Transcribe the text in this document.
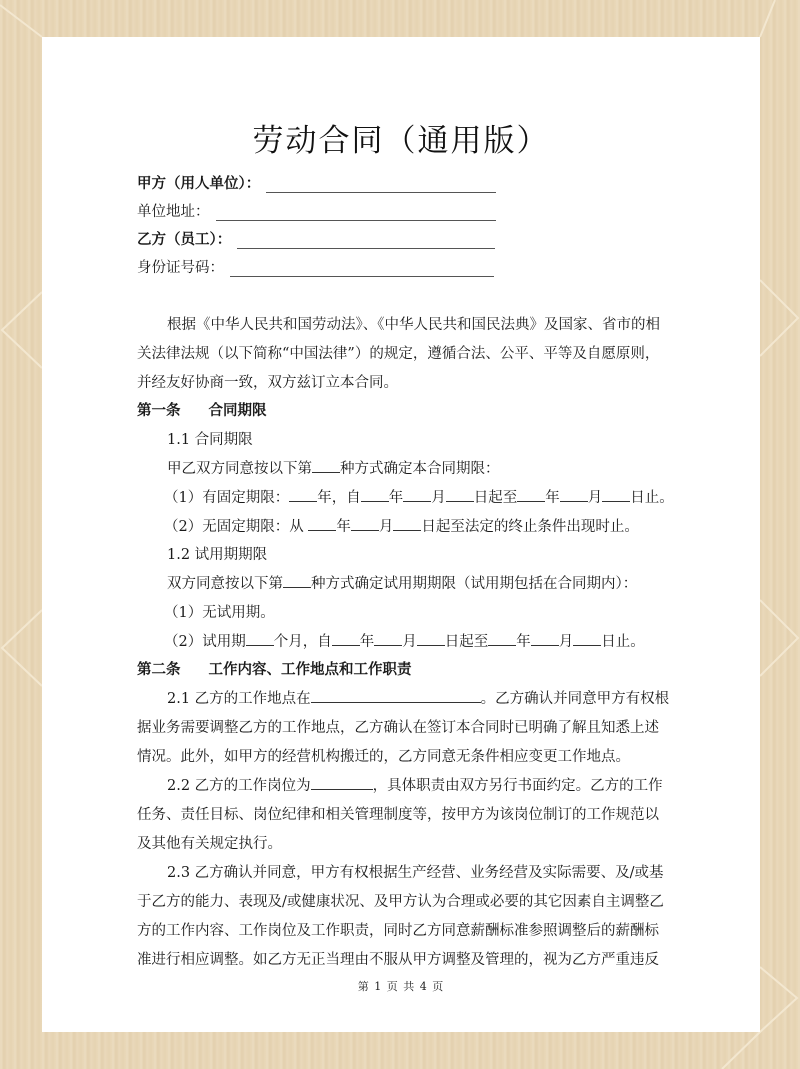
劳动合同（通用版）
甲方（用人单位）：
单位地址：
乙方（员工）：
身份证号码：
根据《中华人民共和国劳动法》、《中华人民共和国民法典》及国家、省市的相
关法律法规（以下简称“中国法律”）的规定，遵循合法、公平、平等及自愿原则，
并经友好协商一致，双方兹订立本合同。
第一条 合同期限
1.1 合同期限
甲乙双方同意按以下第 种方式确定本合同期限：
（1）有固定期限： 年，自 年 月 日起至 年 月 日止。
（2）无固定期限：从 年 月 日起至法定的终止条件出现时止。
1.2 试用期期限
双方同意按以下第 种方式确定试用期期限（试用期包括在合同期内）：
（1）无试用期。
（2）试用期 个月，自 年 月 日起至 年 月 日止。
第二条 工作内容、工作地点和工作职责
2.1 乙方的工作地点在	。乙方确认并同意甲方有权根
据业务需要调整乙方的工作地点，乙方确认在签订本合同时已明确了解且知悉上述
情况。此外，如甲方的经营机构搬迁的，乙方同意无条件相应变更工作地点。
2.2 乙方的工作岗位为	，具体职责由双方另行书面约定。乙方的工作
任务、责任目标、岗位纪律和相关管理制度等，按甲方为该岗位制订的工作规范以
及其他有关规定执行。
2.3 乙方确认并同意，甲方有权根据生产经营、业务经营及实际需要、及/或基
于乙方的能力、表现及/或健康状况、及甲方认为合理或必要的其它因素自主调整乙
方的工作内容、工作岗位及工作职责，同时乙方同意薪酬标准参照调整后的薪酬标
准进行相应调整。如乙方无正当理由不服从甲方调整及管理的，视为乙方严重违反
第 1 页 共 4 页
